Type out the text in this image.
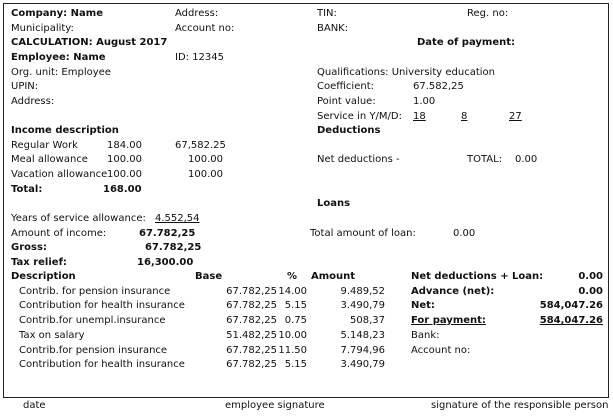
Company: Name	Address:	TIN:	Reg. no:
Municipality:	Account no:	BANK:
CALCULATION: August 2017	Date of payment:
Employee: Name	ID: 12345
Org. unit: Employee	Qualifications: University education
UPIN:	Coefficient:	67.582,25
Address:	Point value:	1.00
Service in Y/M/D: 18	8	27
Income description	Deductions
Regular Work	184.00	67,582.25
Meal allowance 100.00	100.00	Net deductions -	TOTAL: 0.00
Vacation allowance 100.00	100.00
Total:	168.00
Loans
Years of service allowance: 4.552,54
Amount of income:	67.782,25	Total amount of loan:	0.00
Gross:	67.782,25
Tax relief:	16,300.00
Description	Base	% Amount	Net deductions + Loan:	0.00
Contrib. for pension insurance	67.782,25 14.00	9.489,52	Advance (net):	0.00
Contribution for health insurance	67.782,25 5.15	3.490,79	Net:	584,047.26
Contrib.for unempl.insurance	67.782,25 0.75	508,37	For payment:	584,047.26
Tax on salary	51.482,25 10.00	5.148,23	Bank:
Contrib.for pension insurance	67.782,25 11.50	7.794,96	Account no:
Contribution for health insurance	67.782,25 5.15	3.490,79
date	employee signature	signature of the responsible person
